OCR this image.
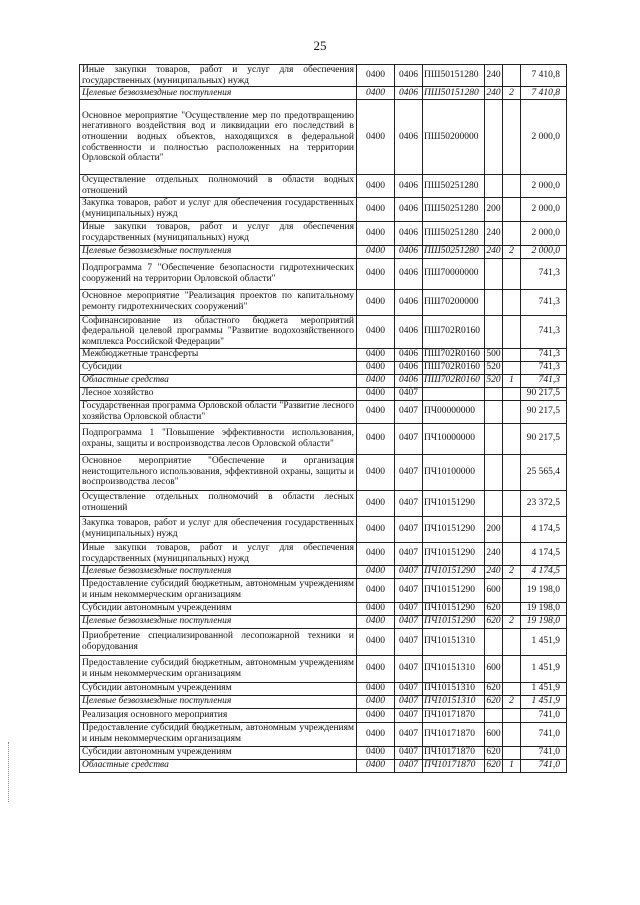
25
Иные закупки товаров, работ и услуг для обеспечения государственных (муниципальных) нужд	0400	0406	ПШ50151280	240		7 410,8
Целевые безвозмездные поступления	0400	0406	ПШ50151280	240	2	7 410,8
Основное мероприятие "Осуществление мер по предотвращению негативного воздействия вод и ликвидации его последствий в отношении водных объектов, находящихся в федеральной собственности и полностью расположенных на территории Орловской области"	0400	0406	ПШ50200000			2 000,0
Осуществление отдельных полномочий в области водных отношений	0400	0406	ПШ50251280			2 000,0
Закупка товаров, работ и услуг для обеспечения государственных (муниципальных) нужд	0400	0406	ПШ50251280	200		2 000,0
Иные закупки товаров, работ и услуг для обеспечения государственных (муниципальных) нужд	0400	0406	ПШ50251280	240		2 000,0
Целевые безвозмездные поступления	0400	0406	ПШ50251280	240	2	2 000,0
Подпрограмма 7 "Обеспечение безопасности гидротехнических сооружений на территории Орловской области"	0400	0406	ПШ70000000			741,3
Основное мероприятие "Реализация проектов по капитальному ремонту гидротехнических сооружений"	0400	0406	ПШ70200000			741,3
Софинансирование из областного бюджета мероприятий федеральной целевой программы "Развитие водохозяйственного комплекса Российской Федерации"	0400	0406	ПШ702R0160			741,3
Межбюджетные трансферты	0400	0406	ПШ702R0160	500		741,3
Субсидии	0400	0406	ПШ702R0160	520		741,3
Областные средства	0400	0406	ПШ702R0160	520	1	741,3
Лесное хозяйство	0400	0407				90 217,5
Государственная программа Орловской области "Развитие лесного хозяйства Орловской области"	0400	0407	ПЧ00000000			90 217,5
Подпрограмма 1 "Повышение эффективности использования, охраны, защиты и воспроизводства лесов Орловской области"	0400	0407	ПЧ10000000			90 217,5
Основное мероприятие "Обеспечение и организация неистощительного использования, эффективной охраны, защиты и воспроизводства лесов"	0400	0407	ПЧ10100000			25 565,4
Осуществление отдельных полномочий в области лесных отношений	0400	0407	ПЧ10151290			23 372,5
Закупка товаров, работ и услуг для обеспечения государственных (муниципальных) нужд	0400	0407	ПЧ10151290	200		4 174,5
Иные закупки товаров, работ и услуг для обеспечения государственных (муниципальных) нужд	0400	0407	ПЧ10151290	240		4 174,5
Целевые безвозмездные поступления	0400	0407	ПЧ10151290	240	2	4 174,5
Предоставление субсидий бюджетным, автономным учреждениям и иным некоммерческим организациям	0400	0407	ПЧ10151290	600		19 198,0
Субсидии автономным учреждениям	0400	0407	ПЧ10151290	620		19 198,0
Целевые безвозмездные поступления	0400	0407	ПЧ10151290	620	2	19 198,0
Приобретение специализированной лесопожарной техники и оборудования	0400	0407	ПЧ10151310			1 451,9
Предоставление субсидий бюджетным, автономным учреждениям и иным некоммерческим организациям	0400	0407	ПЧ10151310	600		1 451,9
Субсидии автономным учреждениям	0400	0407	ПЧ10151310	620		1 451,9
Целевые безвозмездные поступления	0400	0407	ПЧ10151310	620	2	1 451,9
Реализация основного мероприятия	0400	0407	ПЧ10171870			741,0
Предоставление субсидий бюджетным, автономным учреждениям и иным некоммерческим организациям	0400	0407	ПЧ10171870	600		741,0
Субсидии автономным учреждениям	0400	0407	ПЧ10171870	620		741,0
Областные средства	0400	0407	ПЧ10171870	620	1	741,0
